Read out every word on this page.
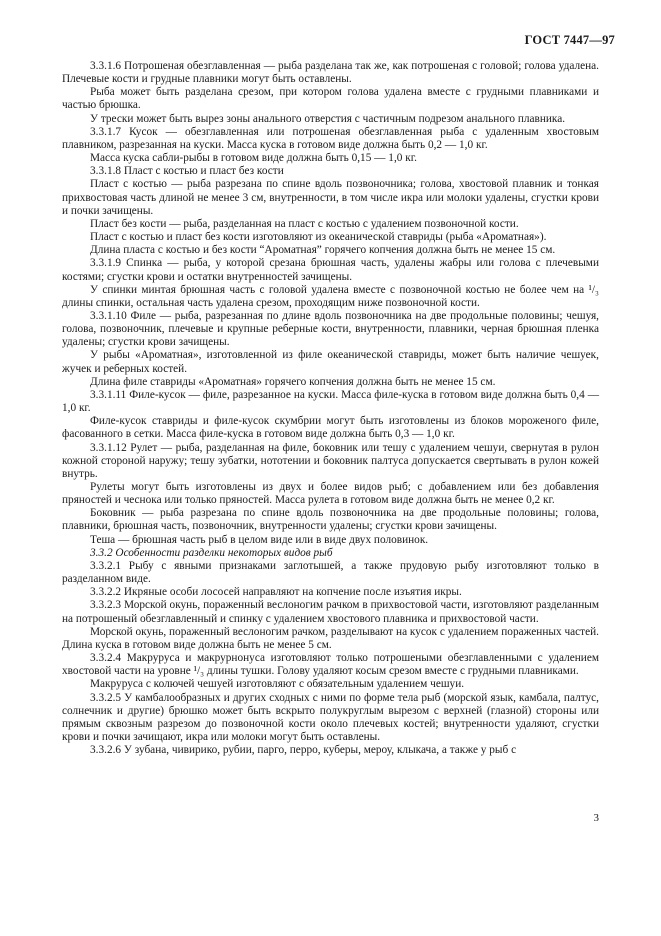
ГОСТ 7447—97

3.3.1.6 Потрошеная обезглавленная — рыба разделана так же, как потрошеная с головой; голова удалена. Плечевые кости и грудные плавники могут быть оставлены.

Рыба может быть разделана срезом, при котором голова удалена вместе с грудными плавниками и частью брюшка.

У трески может быть вырез зоны анального отверстия с частичным подрезом анального плавника.

3.3.1.7 Кусок — обезглавленная или потрошеная обезглавленная рыба с удаленным хвостовым плавником, разрезанная на куски. Масса куска в готовом виде должна быть 0,2 — 1,0 кг.

Масса куска сабли-рыбы в готовом виде должна быть 0,15 — 1,0 кг.

3.3.1.8 Пласт с костью и пласт без кости

Пласт с костью — рыба разрезана по спине вдоль позвоночника; голова, хвостовой плавник и тонкая прихвостовая часть длиной не менее 3 см, внутренности, в том числе икра или молоки удалены, сгустки крови и почки зачищены.

Пласт без кости — рыба, разделанная на пласт с костью с удалением позвоночной кости.

Пласт с костью и пласт без кости изготовляют из океанической ставриды (рыба «Ароматная»).

Длина пласта с костью и без кости “Ароматная” горячего копчения должна быть не менее 15 см.

3.3.1.9 Спинка — рыба, у которой срезана брюшная часть, удалены жабры или голова с плечевыми костями; сгустки крови и остатки внутренностей зачищены.

У спинки минтая брюшная часть с головой удалена вместе с позвоночной костью не более чем на ¹/₃ длины спинки, остальная часть удалена срезом, проходящим ниже позвоночной кости.

3.3.1.10 Филе — рыба, разрезанная по длине вдоль позвоночника на две продольные половины; чешуя, голова, позвоночник, плечевые и крупные реберные кости, внутренности, плавники, черная брюшная пленка удалены; сгустки крови зачищены.

У рыбы «Ароматная», изготовленной из филе океанической ставриды, может быть наличие чешуек, жучек и реберных костей.

Длина филе ставриды «Ароматная» горячего копчения должна быть не менее 15 см.

3.3.1.11 Филе-кусок — филе, разрезанное на куски. Масса филе-куска в готовом виде должна быть 0,4 — 1,0 кг.

Филе-кусок ставриды и филе-кусок скумбрии могут быть изготовлены из блоков мороженого филе, фасованного в сетки. Масса филе-куска в готовом виде должна быть 0,3 — 1,0 кг.

3.3.1.12 Рулет — рыба, разделанная на филе, боковник или тешу с удалением чешуи, свернутая в рулон кожной стороной наружу; тешу зубатки, нототении и боковник палтуса допускается свертывать в рулон кожей внутрь.

Рулеты могут быть изготовлены из двух и более видов рыб; с добавлением или без добавления пряностей и чеснока или только пряностей. Масса рулета в готовом виде должна быть не менее 0,2 кг.

Боковник — рыба разрезана по спине вдоль позвоночника на две продольные половины; голова, плавники, брюшная часть, позвоночник, внутренности удалены; сгустки крови зачищены.

Теша — брюшная часть рыб в целом виде или в виде двух половинок.

3.3.2 Особенности разделки некоторых видов рыб

3.3.2.1 Рыбу с явными признаками заглотышей, а также прудовую рыбу изготовляют только в разделанном виде.

3.3.2.2 Икряные особи лососей направляют на копчение после изъятия икры.

3.3.2.3 Морской окунь, пораженный веслоногим рачком в прихвостовой части, изготовляют разделанным на потрошеный обезглавленный и спинку с удалением хвостового плавника и прихвостовой части.

Морской окунь, пораженный веслоногим рачком, разделывают на кусок с удалением пораженных частей. Длина куска в готовом виде должна быть не менее 5 см.

3.3.2.4 Макруруса и макрурнонуса изготовляют только потрошеными обезглавленными с удалением хвостовой части на уровне ¹/₃ длины тушки. Голову удаляют косым срезом вместе с грудными плавниками.

Макруруса с колючей чешуей изготовляют с обязательным удалением чешуи.

3.3.2.5 У камбалообразных и других сходных с ними по форме тела рыб (морской язык, камбала, палтус, солнечник и другие) брюшко может быть вскрыто полукруглым вырезом с верхней (глазной) стороны или прямым сквозным разрезом до позвоночной кости около плечевых костей; внутренности удаляют, сгустки крови и почки зачищают, икра или молоки могут быть оставлены.

3.3.2.6 У зубана, чивирико, рубии, парго, перро, куберы, мероу, клыкача, а также у рыб с

3
